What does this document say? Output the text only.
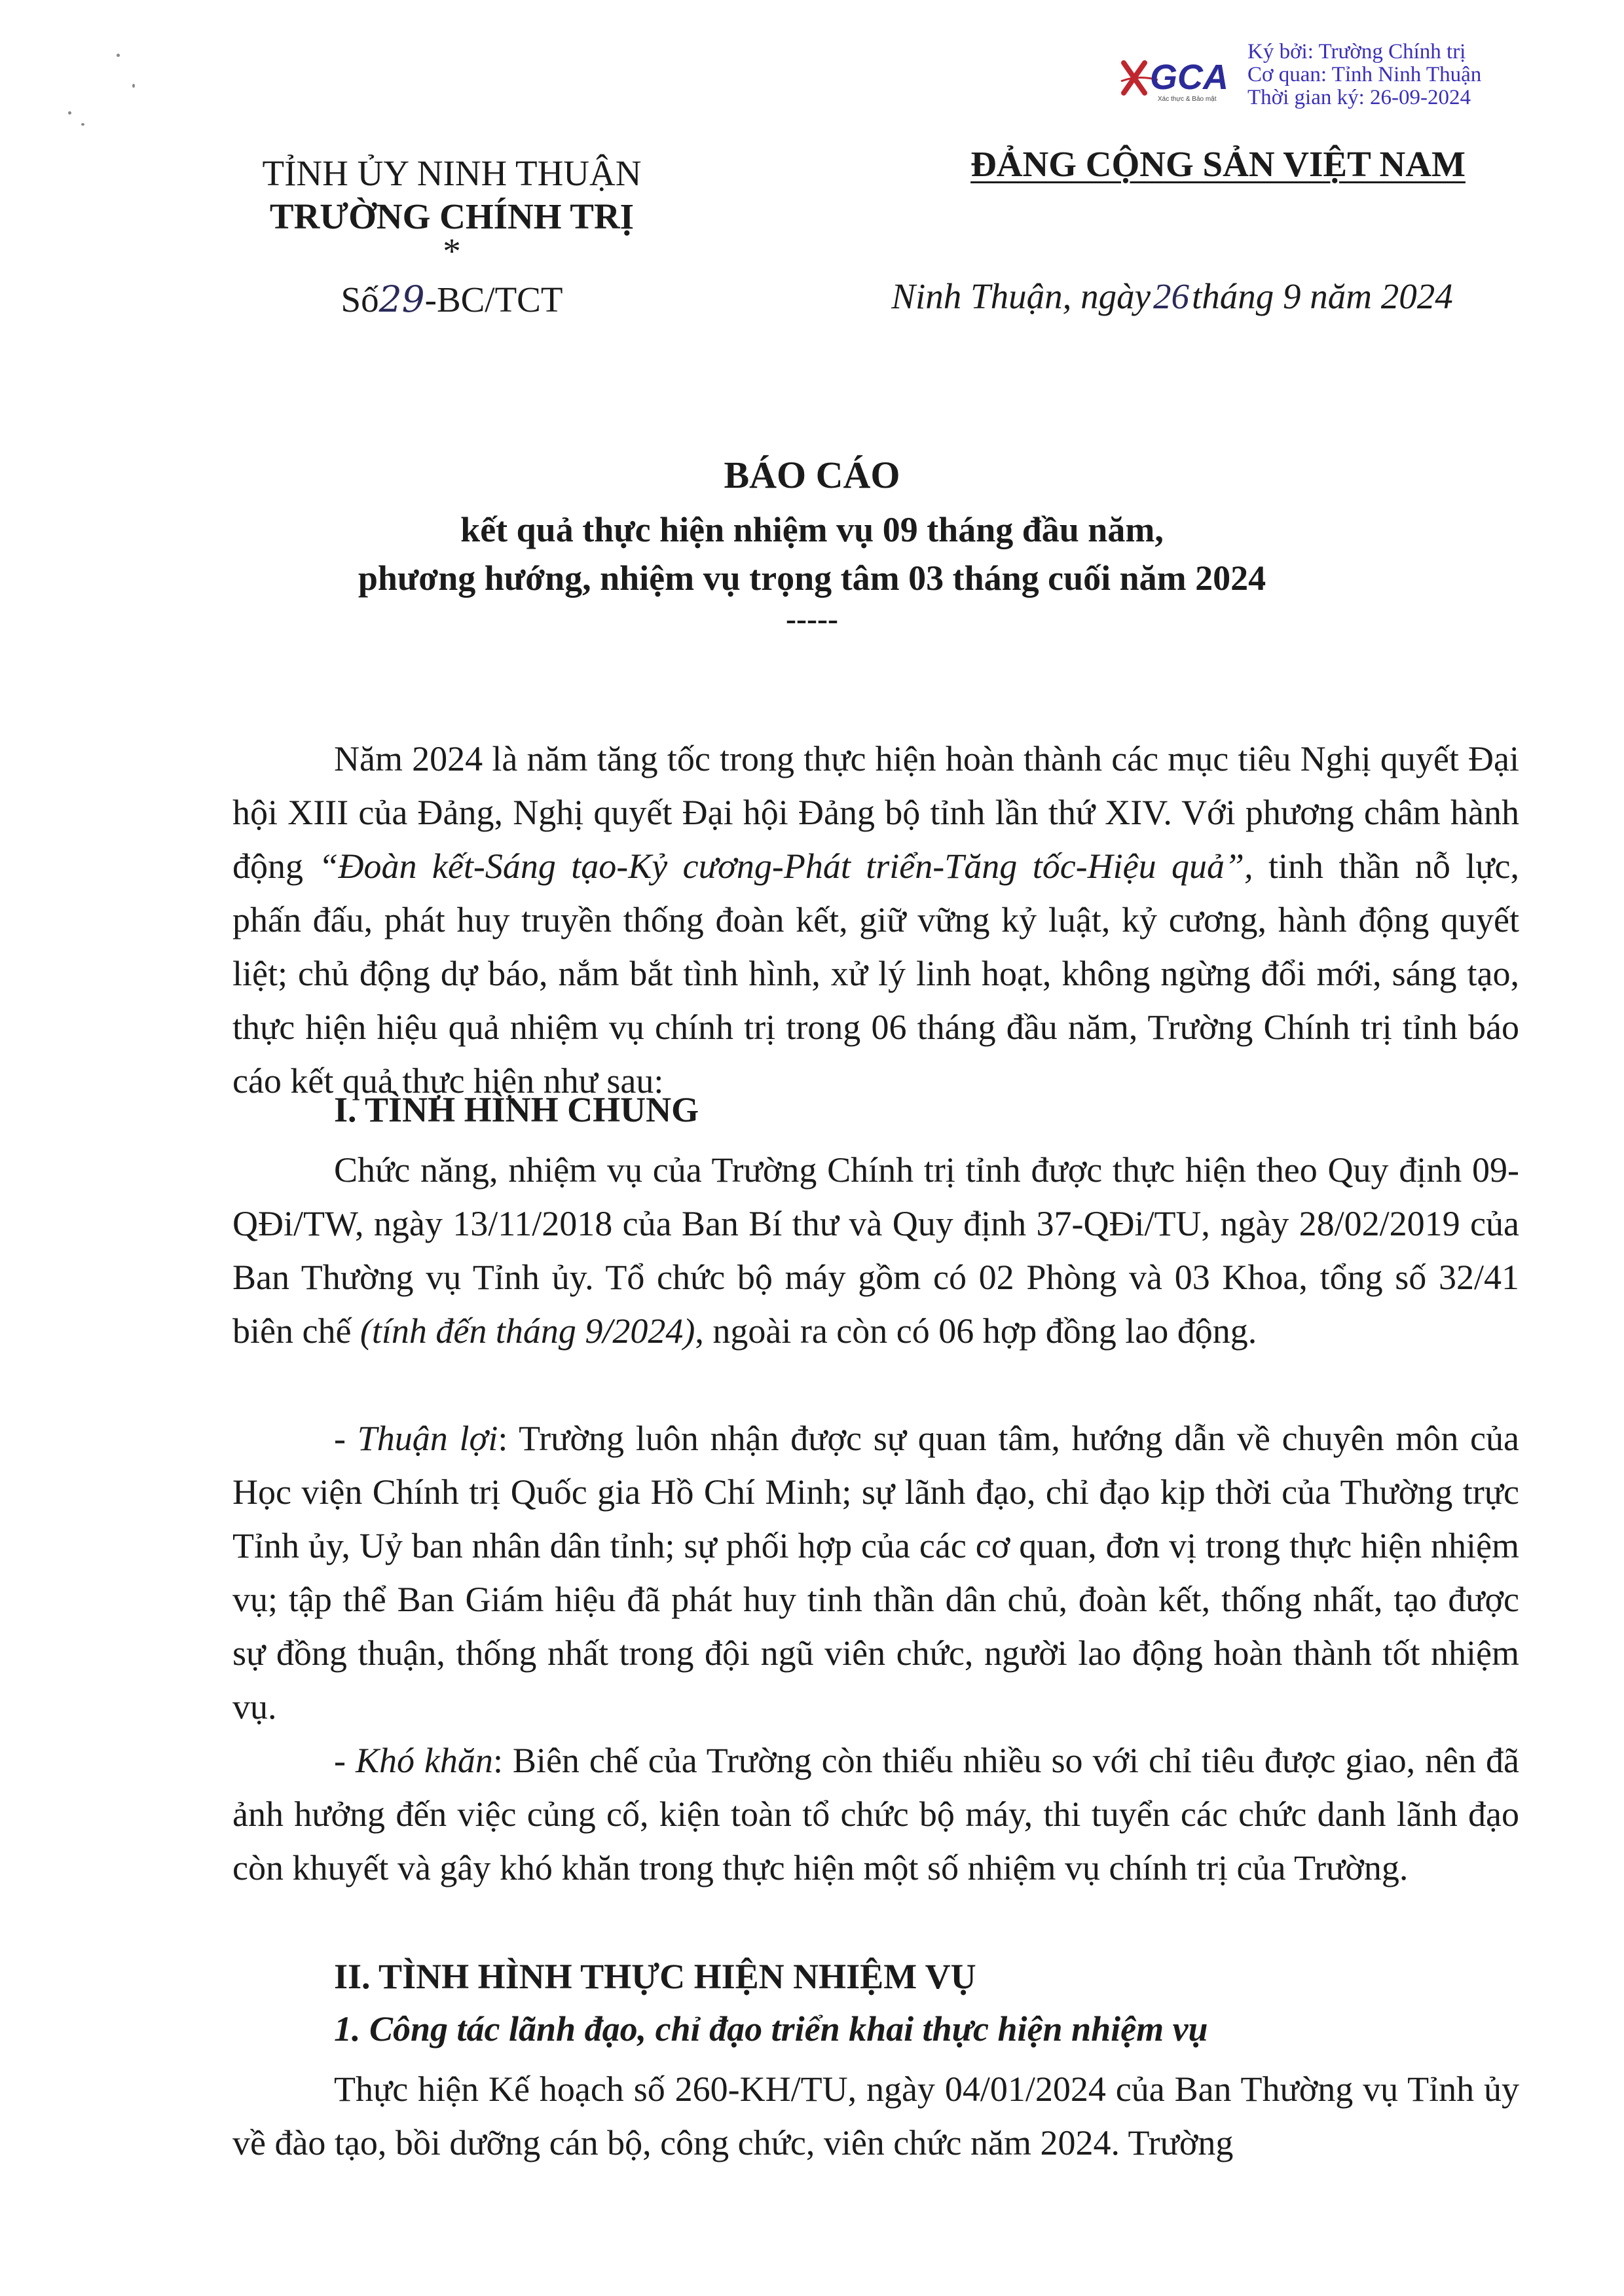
GCA
Xác thực & Bảo mật
Ký bởi: Trường Chính trị
Cơ quan: Tỉnh Ninh Thuận
Thời gian ký: 26-09-2024
TỈNH ỦY NINH THUẬN
TRƯỜNG CHÍNH TRỊ
*
Số29-BC/TCT
ĐẢNG CỘNG SẢN VIỆT NAM
Ninh Thuận, ngày26tháng 9 năm 2024
BÁO CÁO
kết quả thực hiện nhiệm vụ 09 tháng đầu năm,
phương hướng, nhiệm vụ trọng tâm 03 tháng cuối năm 2024
-----
Năm 2024 là năm tăng tốc trong thực hiện hoàn thành các mục tiêu Nghị quyết Đại hội XIII của Đảng, Nghị quyết Đại hội Đảng bộ tỉnh lần thứ XIV. Với phương châm hành động “Đoàn kết-Sáng tạo-Kỷ cương-Phát triển-Tăng tốc-Hiệu quả”, tinh thần nỗ lực, phấn đấu, phát huy truyền thống đoàn kết, giữ vững kỷ luật, kỷ cương, hành động quyết liệt; chủ động dự báo, nắm bắt tình hình, xử lý linh hoạt, không ngừng đổi mới, sáng tạo, thực hiện hiệu quả nhiệm vụ chính trị trong 06 tháng đầu năm, Trường Chính trị tỉnh báo cáo kết quả thực hiện như sau:
I. TÌNH HÌNH CHUNG
Chức năng, nhiệm vụ của Trường Chính trị tỉnh được thực hiện theo Quy định 09-QĐi/TW, ngày 13/11/2018 của Ban Bí thư và Quy định 37-QĐi/TU, ngày 28/02/2019 của Ban Thường vụ Tỉnh ủy. Tổ chức bộ máy gồm có 02 Phòng và 03 Khoa, tổng số 32/41 biên chế (tính đến tháng 9/2024), ngoài ra còn có 06 hợp đồng lao động.
- Thuận lợi: Trường luôn nhận được sự quan tâm, hướng dẫn về chuyên môn của Học viện Chính trị Quốc gia Hồ Chí Minh; sự lãnh đạo, chỉ đạo kịp thời của Thường trực Tỉnh ủy, Uỷ ban nhân dân tỉnh; sự phối hợp của các cơ quan, đơn vị trong thực hiện nhiệm vụ; tập thể Ban Giám hiệu đã phát huy tinh thần dân chủ, đoàn kết, thống nhất, tạo được sự đồng thuận, thống nhất trong đội ngũ viên chức, người lao động hoàn thành tốt nhiệm vụ.
- Khó khăn: Biên chế của Trường còn thiếu nhiều so với chỉ tiêu được giao, nên đã ảnh hưởng đến việc củng cố, kiện toàn tổ chức bộ máy, thi tuyển các chức danh lãnh đạo còn khuyết và gây khó khăn trong thực hiện một số nhiệm vụ chính trị của Trường.
II. TÌNH HÌNH THỰC HIỆN NHIỆM VỤ
1. Công tác lãnh đạo, chỉ đạo triển khai thực hiện nhiệm vụ
Thực hiện Kế hoạch số 260-KH/TU, ngày 04/01/2024 của Ban Thường vụ Tỉnh ủy về đào tạo, bồi dưỡng cán bộ, công chức, viên chức năm 2024. Trường
